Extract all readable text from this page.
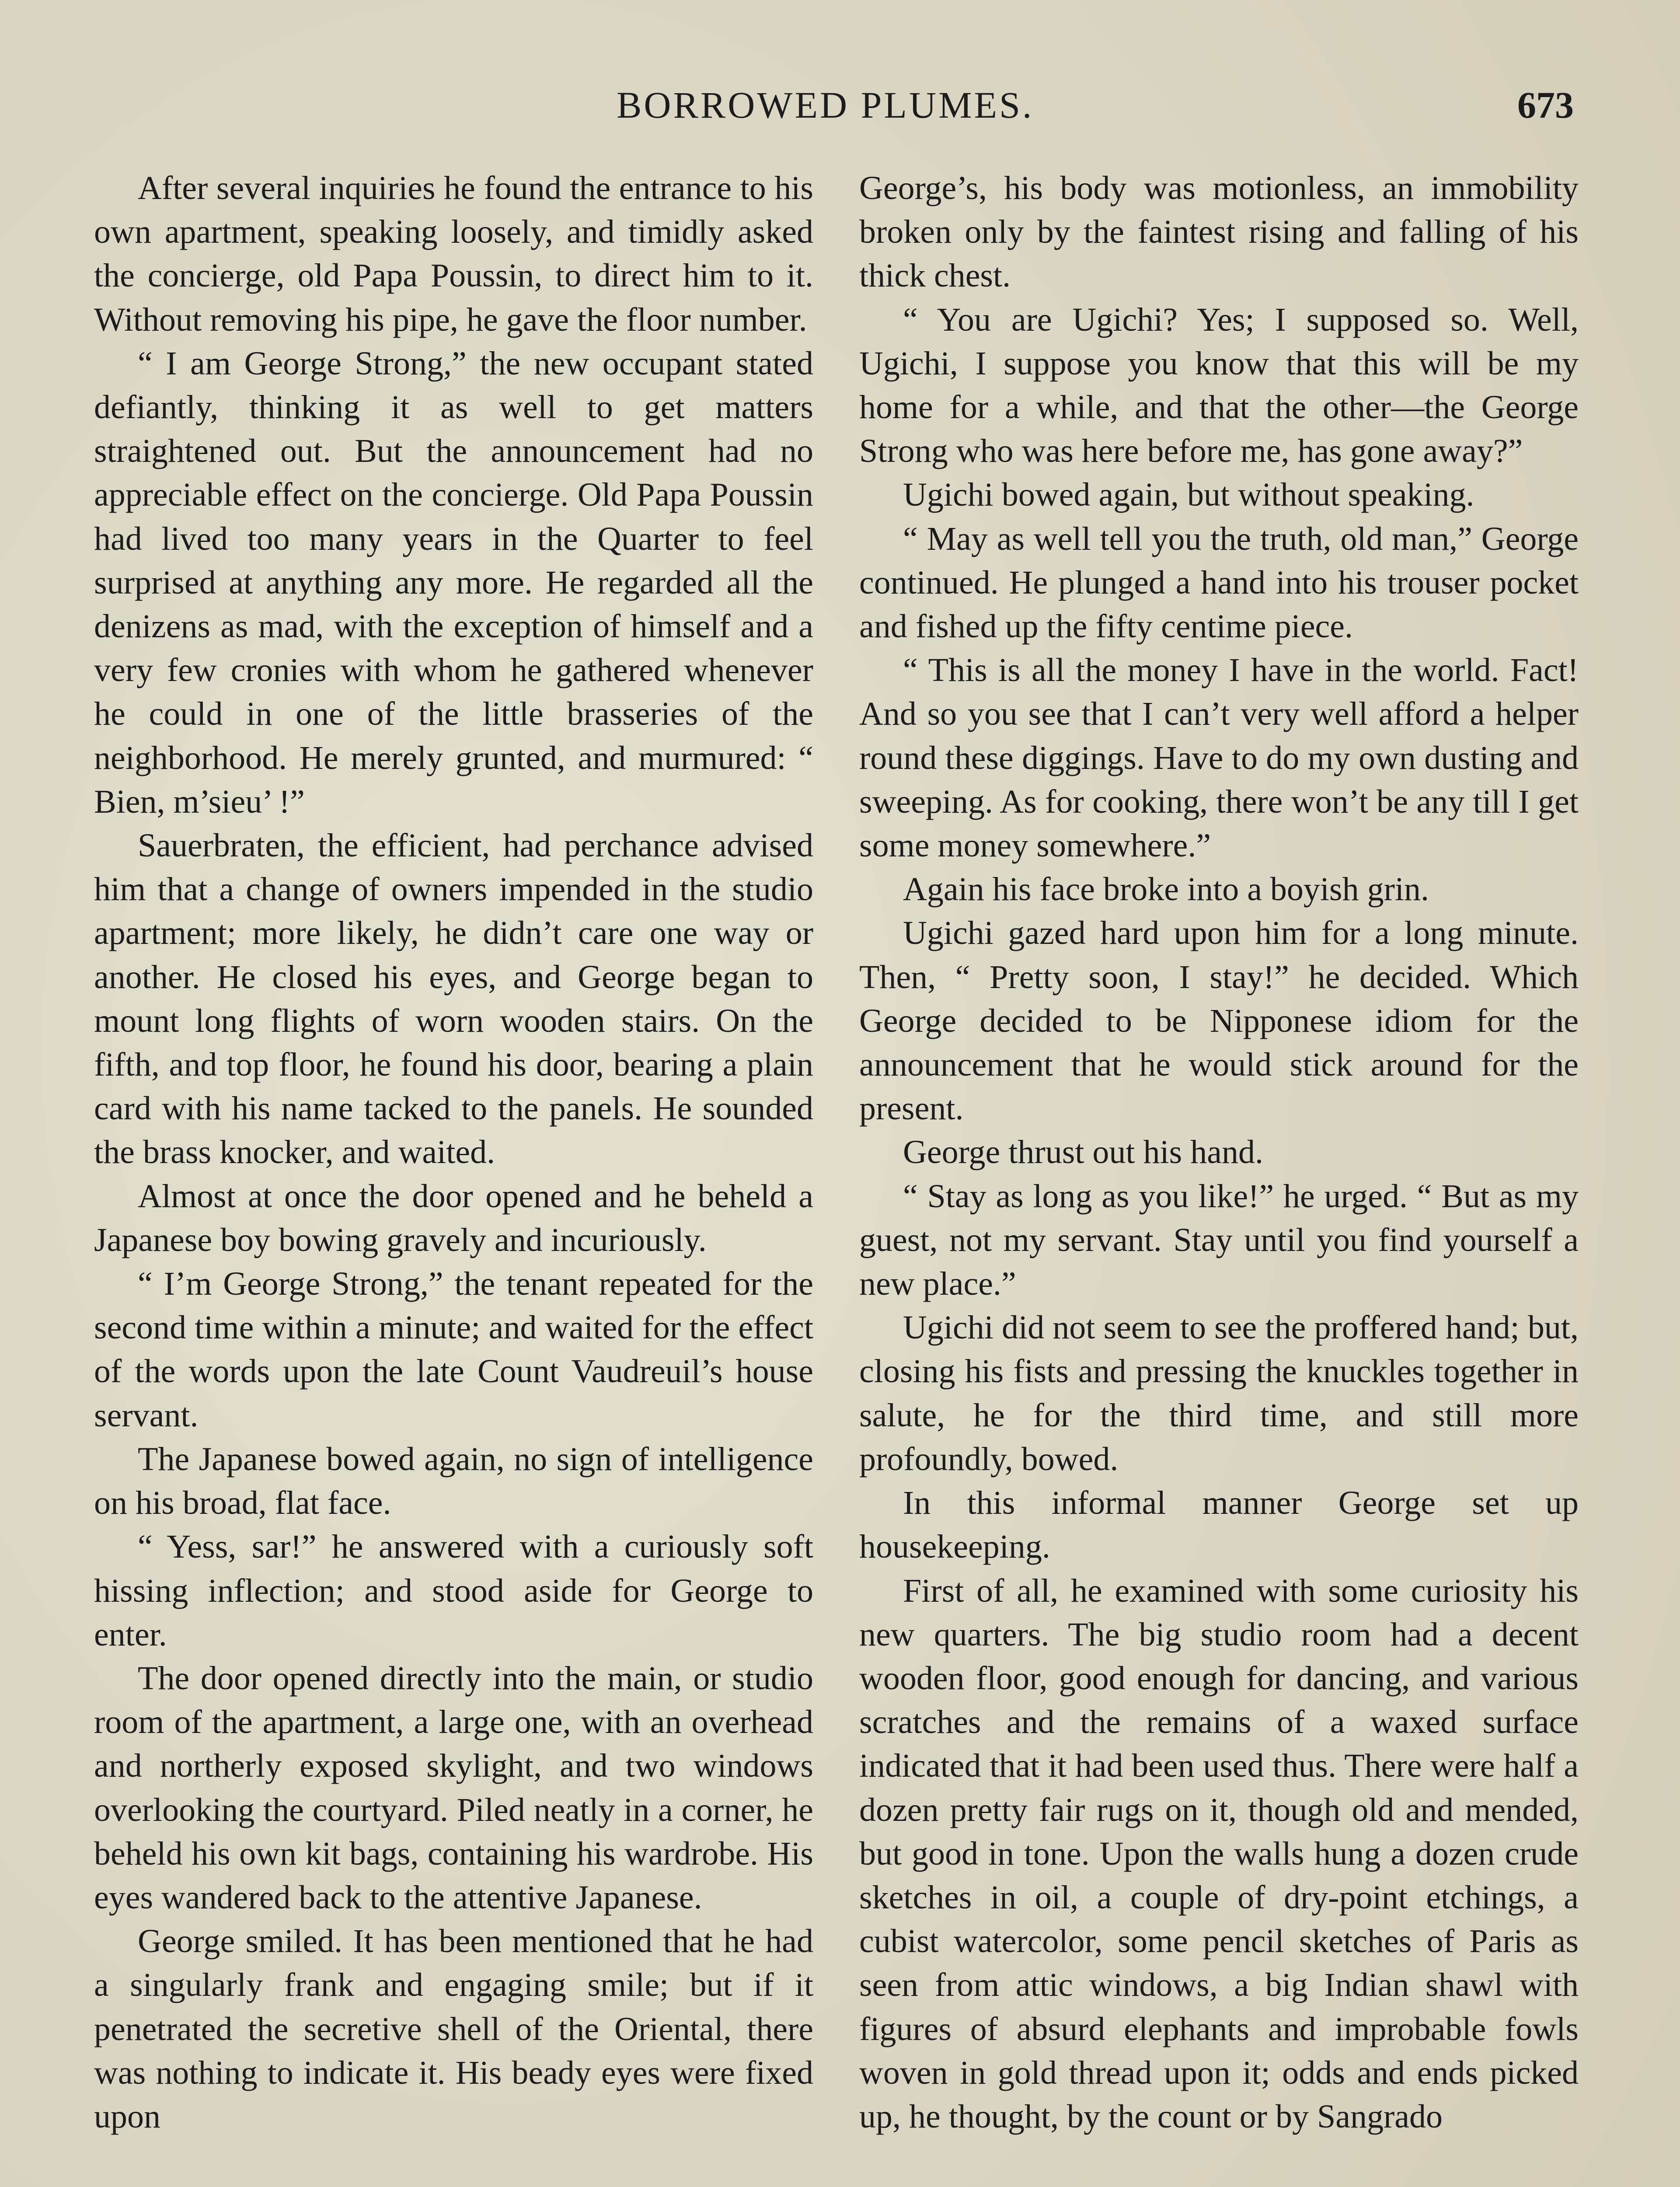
BORROWED PLUMES.	673

After several inquiries he found the entrance to his own apartment, speaking loosely, and timidly asked the concierge, old Papa Poussin, to direct him to it. Without removing his pipe, he gave the floor number.

“ I am George Strong,” the new occupant stated defiantly, thinking it as well to get matters straightened out. But the announcement had no appreciable effect on the concierge. Old Papa Poussin had lived too many years in the Quarter to feel surprised at anything any more. He regarded all the denizens as mad, with the exception of himself and a very few cronies with whom he gathered whenever he could in one of the little brasseries of the neighborhood. He merely grunted, and murmured: “ Bien, m’sieu’ !”

Sauerbraten, the efficient, had perchance advised him that a change of owners impended in the studio apartment; more likely, he didn’t care one way or another. He closed his eyes, and George began to mount long flights of worn wooden stairs. On the fifth, and top floor, he found his door, bearing a plain card with his name tacked to the panels. He sounded the brass knocker, and waited.

Almost at once the door opened and he beheld a Japanese boy bowing gravely and incuriously.

“ I’m George Strong,” the tenant repeated for the second time within a minute; and waited for the effect of the words upon the late Count Vaudreuil’s house servant.

The Japanese bowed again, no sign of intelligence on his broad, flat face.

“ Yess, sar!” he answered with a curiously soft hissing inflection; and stood aside for George to enter.

The door opened directly into the main, or studio room of the apartment, a large one, with an overhead and northerly exposed skylight, and two windows overlooking the courtyard. Piled neatly in a corner, he beheld his own kit bags, containing his wardrobe. His eyes wandered back to the attentive Japanese.

George smiled. It has been mentioned that he had a singularly frank and engaging smile; but if it penetrated the secretive shell of the Oriental, there was nothing to indicate it. His beady eyes were fixed upon

George’s, his body was motionless, an immobility broken only by the faintest rising and falling of his thick chest.

“ You are Ugichi? Yes; I supposed so. Well, Ugichi, I suppose you know that this will be my home for a while, and that the other—the George Strong who was here before me, has gone away?”

Ugichi bowed again, but without speaking.

“ May as well tell you the truth, old man,” George continued. He plunged a hand into his trouser pocket and fished up the fifty centime piece.

“ This is all the money I have in the world. Fact! And so you see that I can’t very well afford a helper round these diggings. Have to do my own dusting and sweeping. As for cooking, there won’t be any till I get some money somewhere.”

Again his face broke into a boyish grin.

Ugichi gazed hard upon him for a long minute. Then, “ Pretty soon, I stay!” he decided. Which George decided to be Nipponese idiom for the announcement that he would stick around for the present.

George thrust out his hand.

“ Stay as long as you like!” he urged. “ But as my guest, not my servant. Stay until you find yourself a new place.”

Ugichi did not seem to see the proffered hand; but, closing his fists and pressing the knuckles together in salute, he for the third time, and still more profoundly, bowed.

In this informal manner George set up housekeeping.

First of all, he examined with some curiosity his new quarters. The big studio room had a decent wooden floor, good enough for dancing, and various scratches and the remains of a waxed surface indicated that it had been used thus. There were half a dozen pretty fair rugs on it, though old and mended, but good in tone. Upon the walls hung a dozen crude sketches in oil, a couple of dry-point etchings, a cubist watercolor, some pencil sketches of Paris as seen from attic windows, a big Indian shawl with figures of absurd elephants and improbable fowls woven in gold thread upon it; odds and ends picked up, he thought, by the count or by Sangrado
